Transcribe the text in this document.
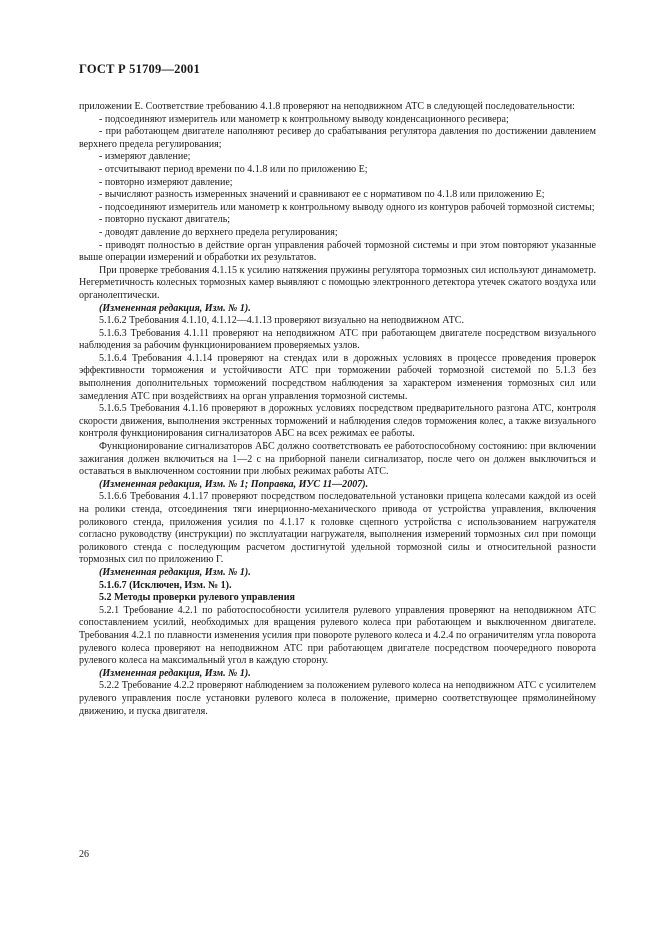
ГОСТ Р 51709—2001

приложении Е. Соответствие требованию 4.1.8 проверяют на неподвижном АТС в следующей последовательности:

- подсоединяют измеритель или манометр к контрольному выводу конденсационного ресивера;

- при работающем двигателе наполняют ресивер до срабатывания регулятора давления по достижении давлением верхнего предела регулирования;

- измеряют давление;

- отсчитывают период времени по 4.1.8 или по приложению Е;

- повторно измеряют давление;

- вычисляют разность измеренных значений и сравнивают ее с нормативом по 4.1.8 или приложению Е;

- подсоединяют измеритель или манометр к контрольному выводу одного из контуров рабочей тормозной системы;

- повторно пускают двигатель;

- доводят давление до верхнего предела регулирования;

- приводят полностью в действие орган управления рабочей тормозной системы и при этом повторяют указанные выше операции измерений и обработки их результатов.

При проверке требования 4.1.15 к усилию натяжения пружины регулятора тормозных сил используют динамометр. Негерметичность колесных тормозных камер выявляют с помощью электронного детектора утечек сжатого воздуха или органолептически.

(Измененная редакция, Изм. № 1).

5.1.6.2 Требования 4.1.10, 4.1.12—4.1.13 проверяют визуально на неподвижном АТС.

5.1.6.3 Требования 4.1.11 проверяют на неподвижном АТС при работающем двигателе посредством визуального наблюдения за рабочим функционированием проверяемых узлов.

5.1.6.4 Требования 4.1.14 проверяют на стендах или в дорожных условиях в процессе проведения проверок эффективности торможения и устойчивости АТС при торможении рабочей тормозной системой по 5.1.3 без выполнения дополнительных торможений посредством наблюдения за характером изменения тормозных сил или замедления АТС при воздействиях на орган управления тормозной системы.

5.1.6.5 Требования 4.1.16 проверяют в дорожных условиях посредством предварительного разгона АТС, контроля скорости движения, выполнения экстренных торможений и наблюдения следов торможения колес, а также визуального контроля функционирования сигнализаторов АБС на всех режимах ее работы.

Функционирование сигнализаторов АБС должно соответствовать ее работоспособному состоянию: при включении зажигания должен включиться на 1—2 с на приборной панели сигнализатор, после чего он должен выключиться и оставаться в выключенном состоянии при любых режимах работы АТС.

(Измененная редакция, Изм. № 1; Поправка, ИУС 11—2007).

5.1.6.6 Требования 4.1.17 проверяют посредством последовательной установки прицепа колесами каждой из осей на ролики стенда, отсоединения тяги инерционно-механического привода от устройства управления, включения роликового стенда, приложения усилия по 4.1.17 к головке сцепного устройства с использованием нагружателя согласно руководству (инструкции) по эксплуатации нагружателя, выполнения измерений тормозных сил при помощи роликового стенда с последующим расчетом достигнутой удельной тормозной силы и относительной разности тормозных сил по приложению Г.

(Измененная редакция, Изм. № 1).

5.1.6.7 (Исключен, Изм. № 1).

5.2 Методы проверки рулевого управления

5.2.1 Требование 4.2.1 по работоспособности усилителя рулевого управления проверяют на неподвижном АТС сопоставлением усилий, необходимых для вращения рулевого колеса при работающем и выключенном двигателе. Требования 4.2.1 по плавности изменения усилия при повороте рулевого колеса и 4.2.4 по ограничителям угла поворота рулевого колеса проверяют на неподвижном АТС при работающем двигателе посредством поочередного поворота рулевого колеса на максимальный угол в каждую сторону.

(Измененная редакция, Изм. № 1).

5.2.2 Требование 4.2.2 проверяют наблюдением за положением рулевого колеса на неподвижном АТС с усилителем рулевого управления после установки рулевого колеса в положение, примерно соответствующее прямолинейному движению, и пуска двигателя.

26
